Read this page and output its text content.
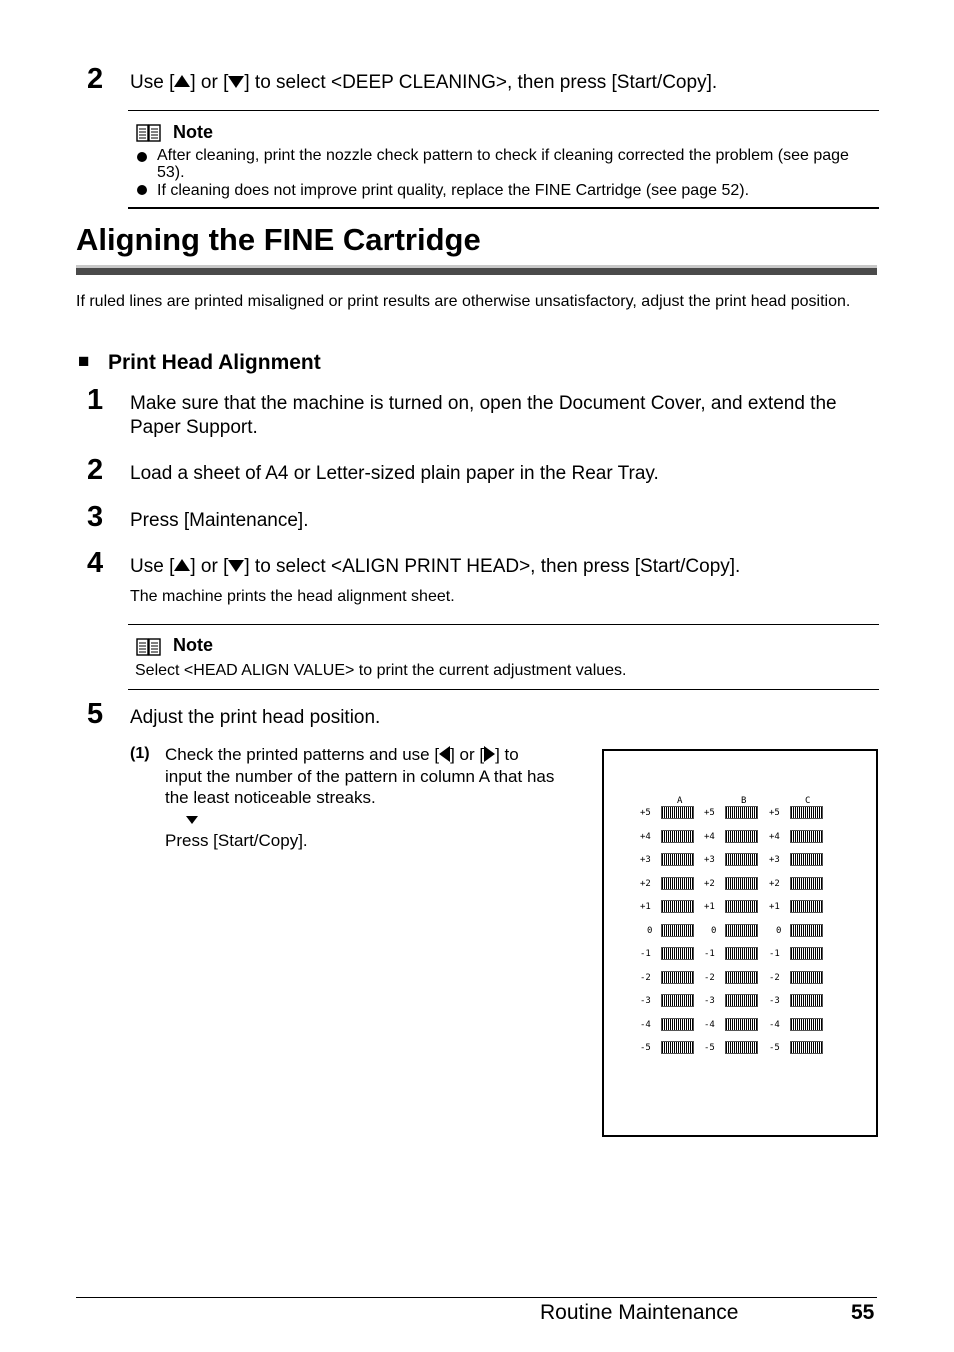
2 Use [ ] or [ ] to select <DEEP CLEANING>, then press [Start/Copy].
Note
After cleaning, print the nozzle check pattern to check if cleaning corrected the problem (see page 53).
If cleaning does not improve print quality, replace the FINE Cartridge (see page 52).
Aligning the FINE Cartridge
If ruled lines are printed misaligned or print results are otherwise unsatisfactory, adjust the print head position.
■ Print Head Alignment
1 Make sure that the machine is turned on, open the Document Cover, and extend the Paper Support.
2 Load a sheet of A4 or Letter-sized plain paper in the Rear Tray.
3 Press [Maintenance].
4 Use [ ] or [ ] to select <ALIGN PRINT HEAD>, then press [Start/Copy].
The machine prints the head alignment sheet.
Note
Select <HEAD ALIGN VALUE> to print the current adjustment values.
5 Adjust the print head position.
(1) Check the printed patterns and use [ ] or [ ] to
input the number of the pattern in column A that has
the least noticeable streaks.
Press [Start/Copy].
A	B	C
+5	+5	+5
+4	+4	+4
+3	+3	+3
+2	+2	+2
+1	+1	+1
0	0	0
-1	-1	-1
-2	-2	-2
-3	-3	-3
-4	-4	-4
-5	-5	-5
Routine Maintenance	55
